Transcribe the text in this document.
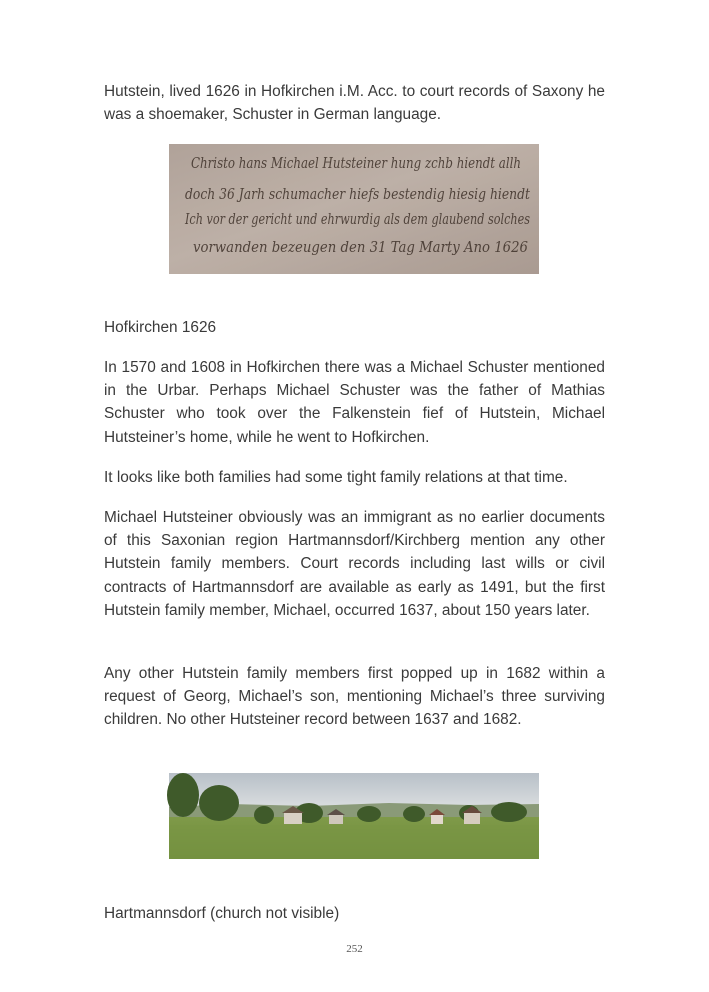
Hutstein, lived 1626 in Hofkirchen i.M. Acc. to court records of Saxony he was a shoemaker, Schuster in German language.

Christo hans Michael Hutsteiner hung zchb hiendt allh
doch 36 Jarh schumacher hiefs bestendig hiesig hiendt
Ich vor der gericht und ehrwurdig als dem glaubend solches
vorwanden bezeugen den 31 Tag Marty Ano 1626

Hofkirchen 1626

In 1570 and 1608 in Hofkirchen there was a Michael Schuster mentioned in the Urbar. Perhaps Michael Schuster was the father of Mathias Schuster who took over the Falkenstein fief of Hutstein, Michael Hutsteiner’s home, while he went to Hofkirchen.

It looks like both families had some tight family relations at that time.

Michael Hutsteiner obviously was an immigrant as no earlier documents of this Saxonian region Hartmannsdorf/Kirchberg mention any other Hutstein family members. Court records including last wills or civil contracts of Hartmannsdorf are available as early as 1491, but the first Hutstein family member, Michael, occurred 1637, about 150 years later.

Any other Hutstein family members first popped up in 1682 within a request of Georg, Michael’s son, mentioning Michael’s three surviving children. No other Hutsteiner record between 1637 and 1682.

Hartmannsdorf (church not visible)

252
